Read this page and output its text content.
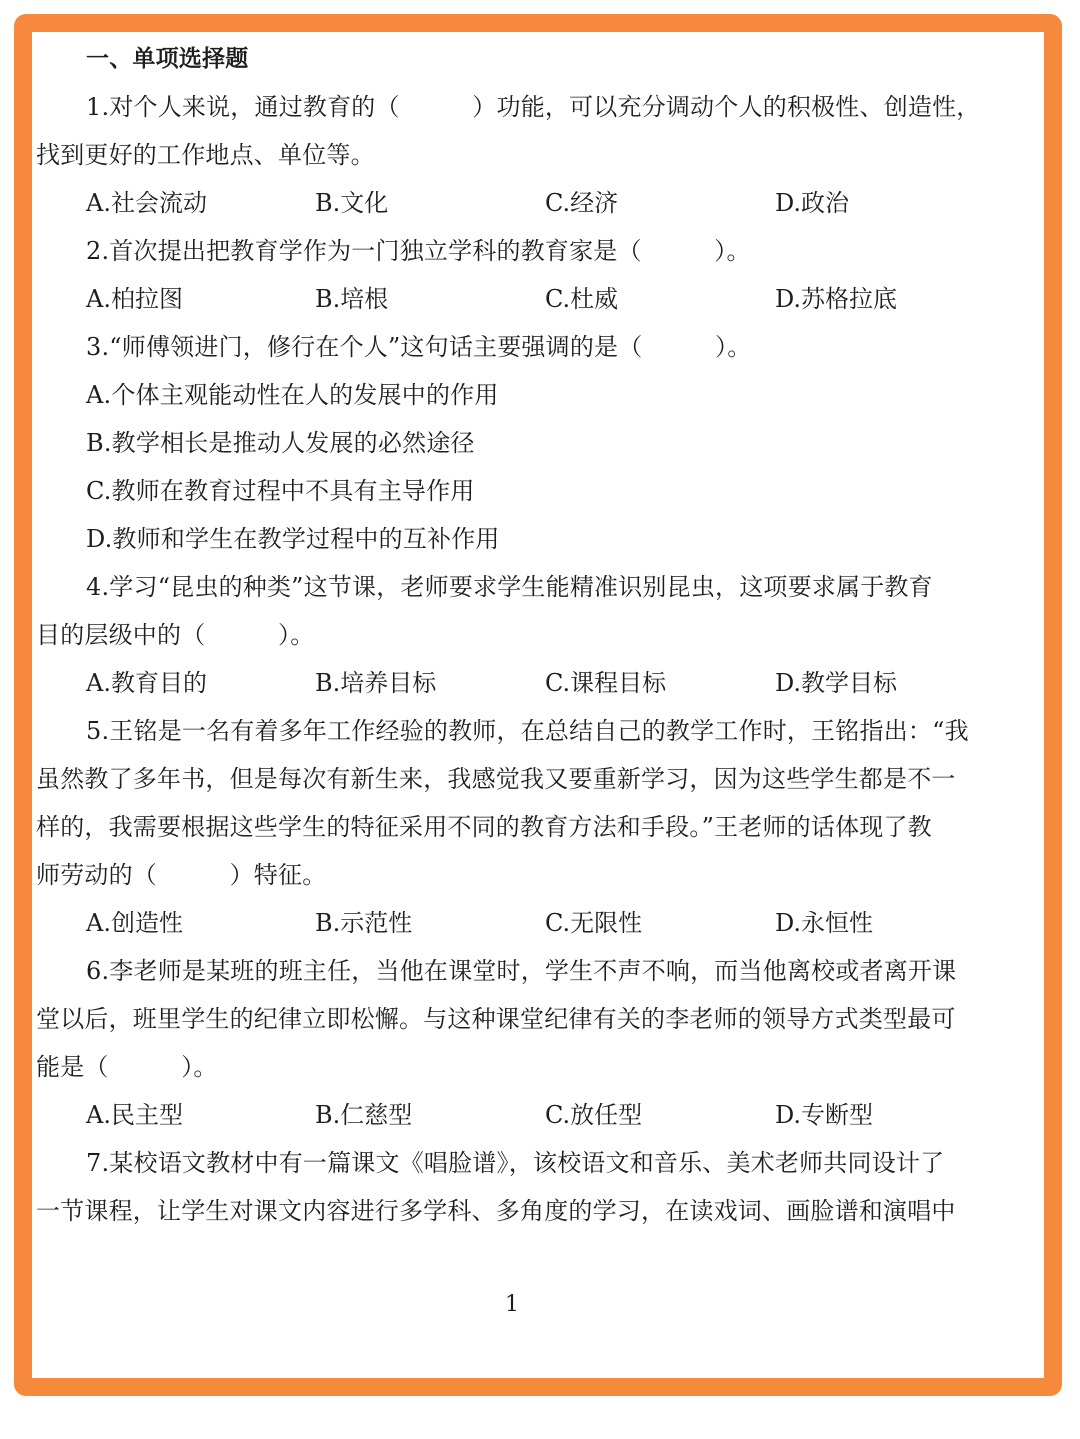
一、单项选择题
1.对个人来说，通过教育的（　　　）功能，可以充分调动个人的积极性、创造性，
找到更好的工作地点、单位等。
A.社会流动	B.文化	C.经济	D.政治
2.首次提出把教育学作为一门独立学科的教育家是（　　　）。
A.柏拉图	B.培根	C.杜威	D.苏格拉底
3.“师傅领进门，修行在个人”这句话主要强调的是（　　　）。
A.个体主观能动性在人的发展中的作用
B.教学相长是推动人发展的必然途径
C.教师在教育过程中不具有主导作用
D.教师和学生在教学过程中的互补作用
4.学习“昆虫的种类”这节课，老师要求学生能精准识别昆虫，这项要求属于教育
目的层级中的（　　　）。
A.教育目的	B.培养目标	C.课程目标	D.教学目标
5.王铭是一名有着多年工作经验的教师，在总结自己的教学工作时，王铭指出：“我
虽然教了多年书，但是每次有新生来，我感觉我又要重新学习，因为这些学生都是不一
样的，我需要根据这些学生的特征采用不同的教育方法和手段。”王老师的话体现了教
师劳动的（　　　）特征。
A.创造性	B.示范性	C.无限性	D.永恒性
6.李老师是某班的班主任，当他在课堂时，学生不声不响，而当他离校或者离开课
堂以后，班里学生的纪律立即松懈。与这种课堂纪律有关的李老师的领导方式类型最可
能是（　　　）。
A.民主型	B.仁慈型	C.放任型	D.专断型
7.某校语文教材中有一篇课文《唱脸谱》，该校语文和音乐、美术老师共同设计了
一节课程，让学生对课文内容进行多学科、多角度的学习，在读戏词、画脸谱和演唱中
1
